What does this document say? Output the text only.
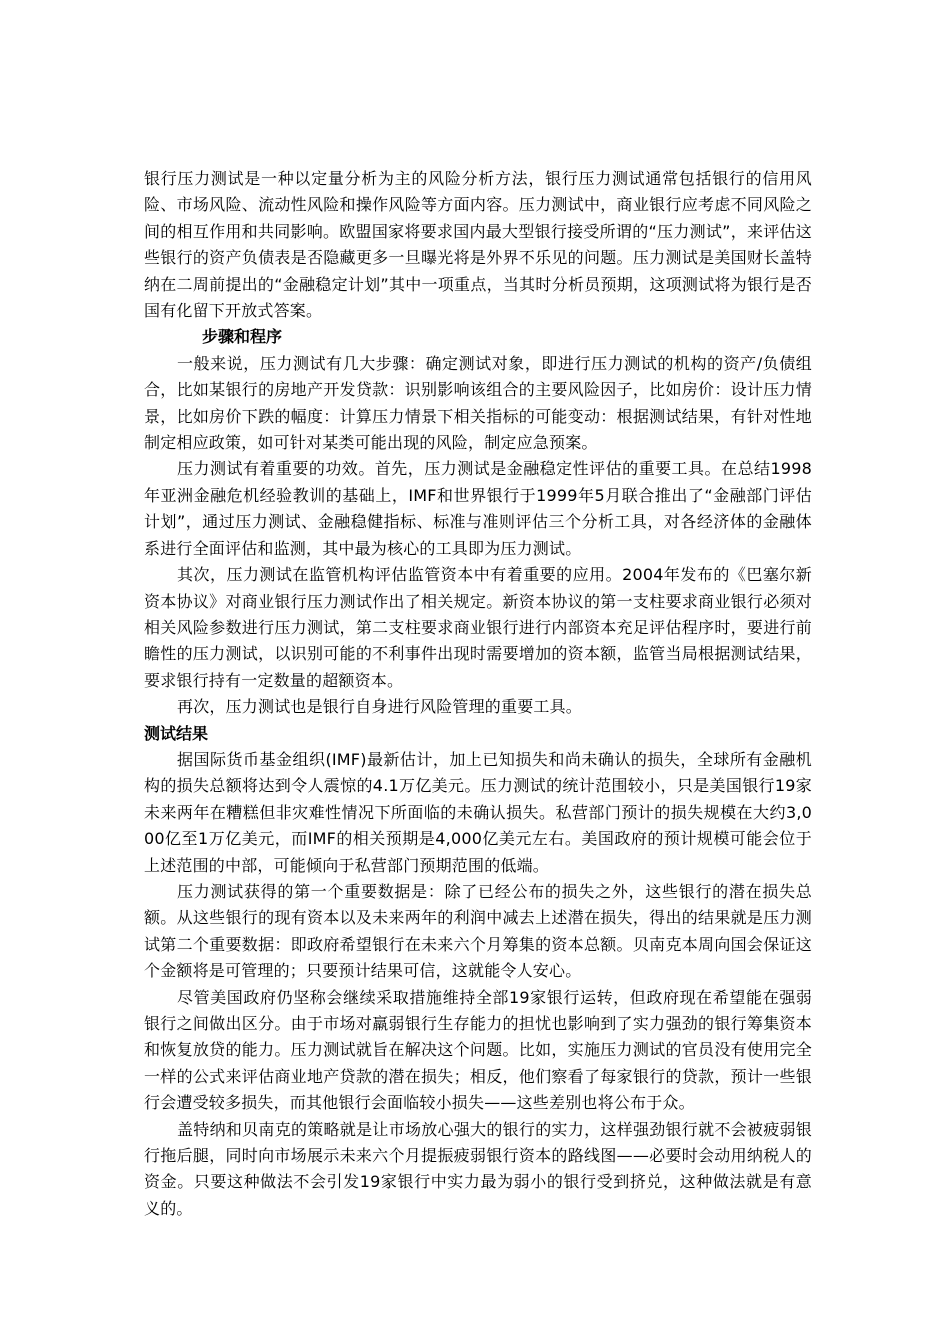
银行压力测试是一种以定量分析为主的风险分析方法，银行压力测试通常包括银行的信用风险、市场风险、流动性风险和操作风险等方面内容。压力测试中，商业银行应考虑不同风险之间的相互作用和共同影响。欧盟国家将要求国内最大型银行接受所谓的“压力测试”，来评估这些银行的资产负债表是否隐藏更多一旦曝光将是外界不乐见的问题。压力测试是美国财长盖特纳在二周前提出的“金融稳定计划”其中一项重点，当其时分析员预期，这项测试将为银行是否国有化留下开放式答案。

步骤和程序

一般来说，压力测试有几大步骤：确定测试对象，即进行压力测试的机构的资产/负债组合，比如某银行的房地产开发贷款：识别影响该组合的主要风险因子，比如房价：设计压力情景，比如房价下跌的幅度：计算压力情景下相关指标的可能变动：根据测试结果，有针对性地制定相应政策，如可针对某类可能出现的风险，制定应急预案。

压力测试有着重要的功效。首先，压力测试是金融稳定性评估的重要工具。在总结1998年亚洲金融危机经验教训的基础上，IMF和世界银行于1999年5月联合推出了“金融部门评估计划”，通过压力测试、金融稳健指标、标准与准则评估三个分析工具，对各经济体的金融体系进行全面评估和监测，其中最为核心的工具即为压力测试。

其次，压力测试在监管机构评估监管资本中有着重要的应用。2004年发布的《巴塞尔新资本协议》对商业银行压力测试作出了相关规定。新资本协议的第一支柱要求商业银行必须对相关风险参数进行压力测试，第二支柱要求商业银行进行内部资本充足评估程序时，要进行前瞻性的压力测试，以识别可能的不利事件出现时需要增加的资本额，监管当局根据测试结果，要求银行持有一定数量的超额资本。

再次，压力测试也是银行自身进行风险管理的重要工具。

测试结果

据国际货币基金组织(IMF)最新估计，加上已知损失和尚未确认的损失，全球所有金融机构的损失总额将达到令人震惊的4.1万亿美元。压力测试的统计范围较小，只是美国银行19家未来两年在糟糕但非灾难性情况下所面临的未确认损失。私营部门预计的损失规模在大约3,000亿至1万亿美元，而IMF的相关预期是4,000亿美元左右。美国政府的预计规模可能会位于上述范围的中部，可能倾向于私营部门预期范围的低端。

压力测试获得的第一个重要数据是：除了已经公布的损失之外，这些银行的潜在损失总额。从这些银行的现有资本以及未来两年的利润中减去上述潜在损失，得出的结果就是压力测试第二个重要数据：即政府希望银行在未来六个月筹集的资本总额。贝南克本周向国会保证这个金额将是可管理的；只要预计结果可信，这就能令人安心。

尽管美国政府仍坚称会继续采取措施维持全部19家银行运转，但政府现在希望能在强弱银行之间做出区分。由于市场对羸弱银行生存能力的担忧也影响到了实力强劲的银行筹集资本和恢复放贷的能力。压力测试就旨在解决这个问题。比如，实施压力测试的官员没有使用完全一样的公式来评估商业地产贷款的潜在损失；相反，他们察看了每家银行的贷款，预计一些银行会遭受较多损失，而其他银行会面临较小损失——这些差别也将公布于众。

盖特纳和贝南克的策略就是让市场放心强大的银行的实力，这样强劲银行就不会被疲弱银行拖后腿，同时向市场展示未来六个月提振疲弱银行资本的路线图——必要时会动用纳税人的资金。只要这种做法不会引发19家银行中实力最为弱小的银行受到挤兑，这种做法就是有意义的。
